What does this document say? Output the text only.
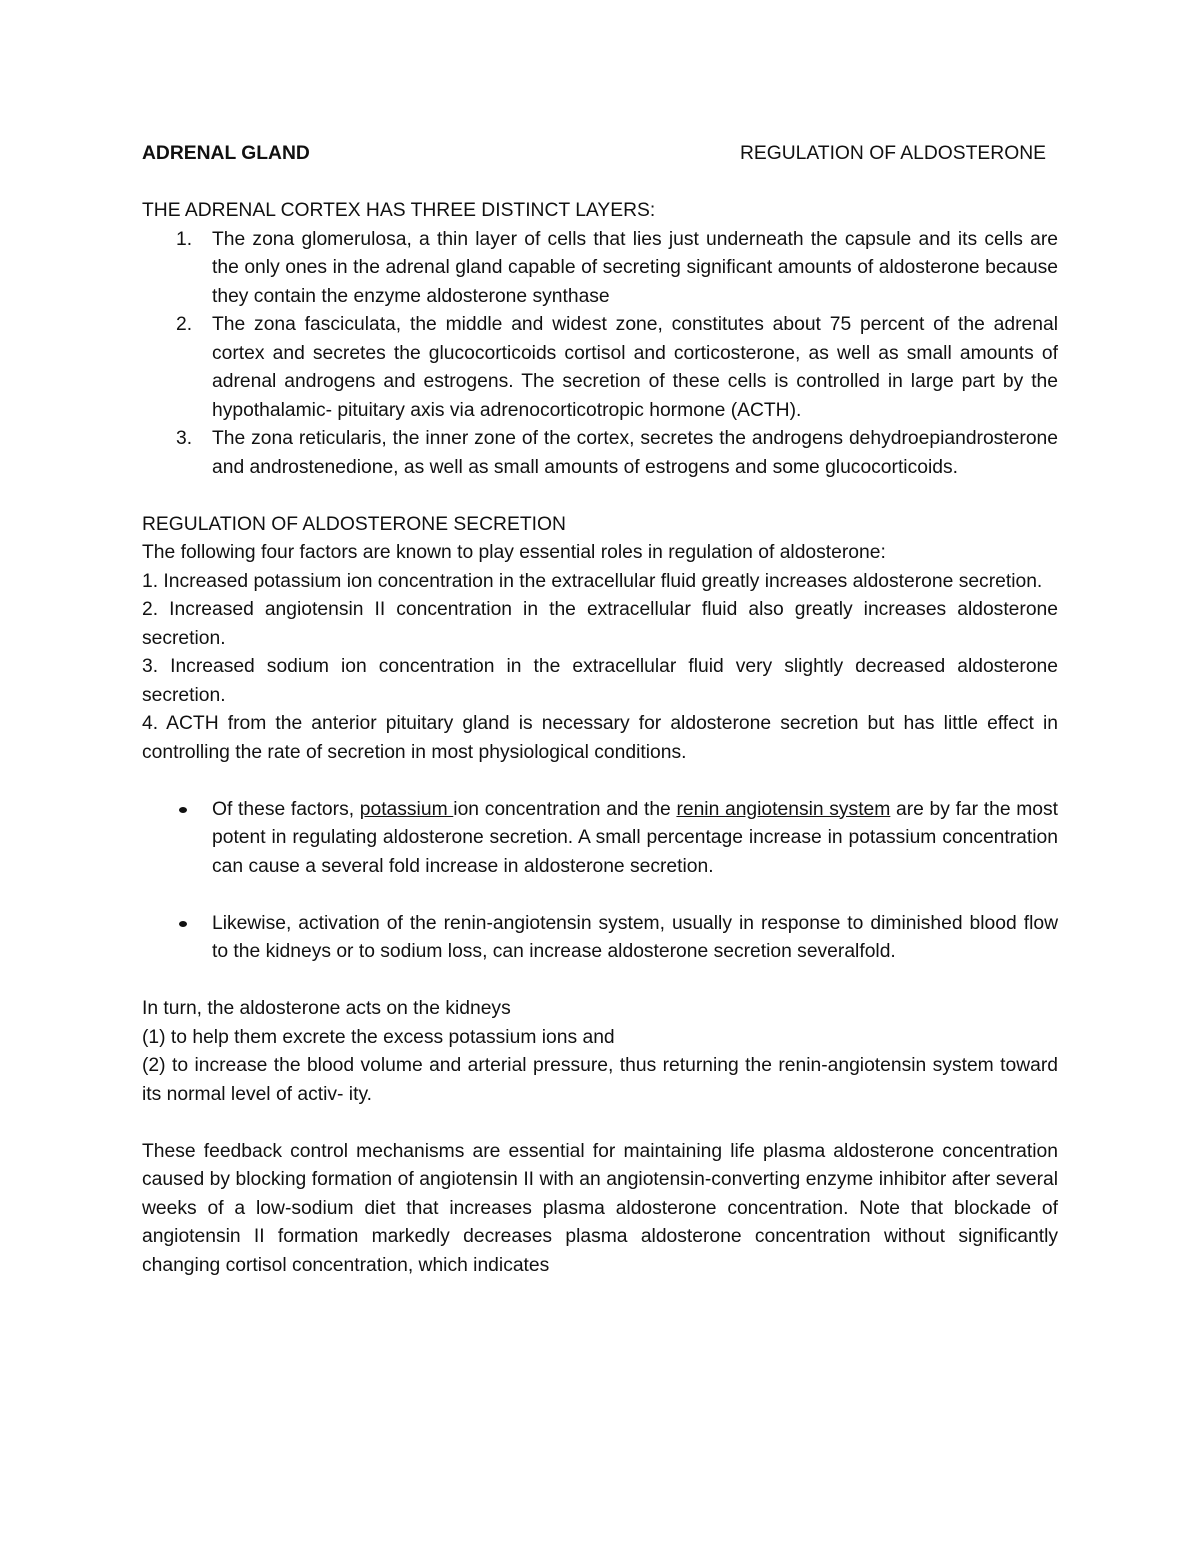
ADRENAL GLAND	REGULATION OF ALDOSTERONE

THE ADRENAL CORTEX HAS THREE DISTINCT LAYERS:

1.	The zona glomerulosa, a thin layer of cells that lies just underneath the capsule and its cells are the only ones in the adrenal gland capable of secreting significant amounts of aldosterone because they contain the enzyme aldosterone synthase
2.	The zona fasciculata, the middle and widest zone, constitutes about 75 percent of the adrenal cortex and secretes the glucocorticoids cortisol and corticosterone, as well as small amounts of adrenal androgens and estrogens. The secretion of these cells is controlled in large part by the hypothalamic- pituitary axis via adrenocorticotropic hormone (ACTH).
3.	The zona reticularis, the inner zone of the cortex, secretes the androgens dehydroepiandrosterone and androstenedione, as well as small amounts of estrogens and some glucocorticoids.

REGULATION OF ALDOSTERONE SECRETION

The following four factors are known to play essential roles in regulation of aldosterone:

1. Increased potassium ion concentration in the extracellular fluid greatly increases aldosterone secretion.

2. Increased angiotensin II concentration in the extracellular fluid also greatly increases aldosterone secretion.

3. Increased sodium ion concentration in the extracellular fluid very slightly decreased aldosterone secretion.

4. ACTH from the anterior pituitary gland is necessary for aldosterone secretion but has little effect in controlling the rate of secretion in most physiological conditions.

Of these factors, potassium ion concentration and the renin angiotensin system are by far the most potent in regulating aldosterone secretion. A small percentage increase in potassium concentration can cause a several fold increase in aldosterone secretion.
Likewise, activation of the renin-angiotensin system, usually in response to diminished blood flow to the kidneys or to sodium loss, can increase aldosterone secretion severalfold.

In turn, the aldosterone acts on the kidneys

(1) to help them excrete the excess potassium ions and

(2) to increase the blood volume and arterial pressure, thus returning the renin-angiotensin system toward its normal level of activ- ity.

These feedback control mechanisms are essential for maintaining life plasma aldosterone concentration caused by blocking formation of angiotensin II with an angiotensin-converting enzyme inhibitor after several weeks of a low-sodium diet that increases plasma aldosterone concentration. Note that blockade of angiotensin II formation markedly decreases plasma aldosterone concentration without significantly changing cortisol concentration, which indicates
